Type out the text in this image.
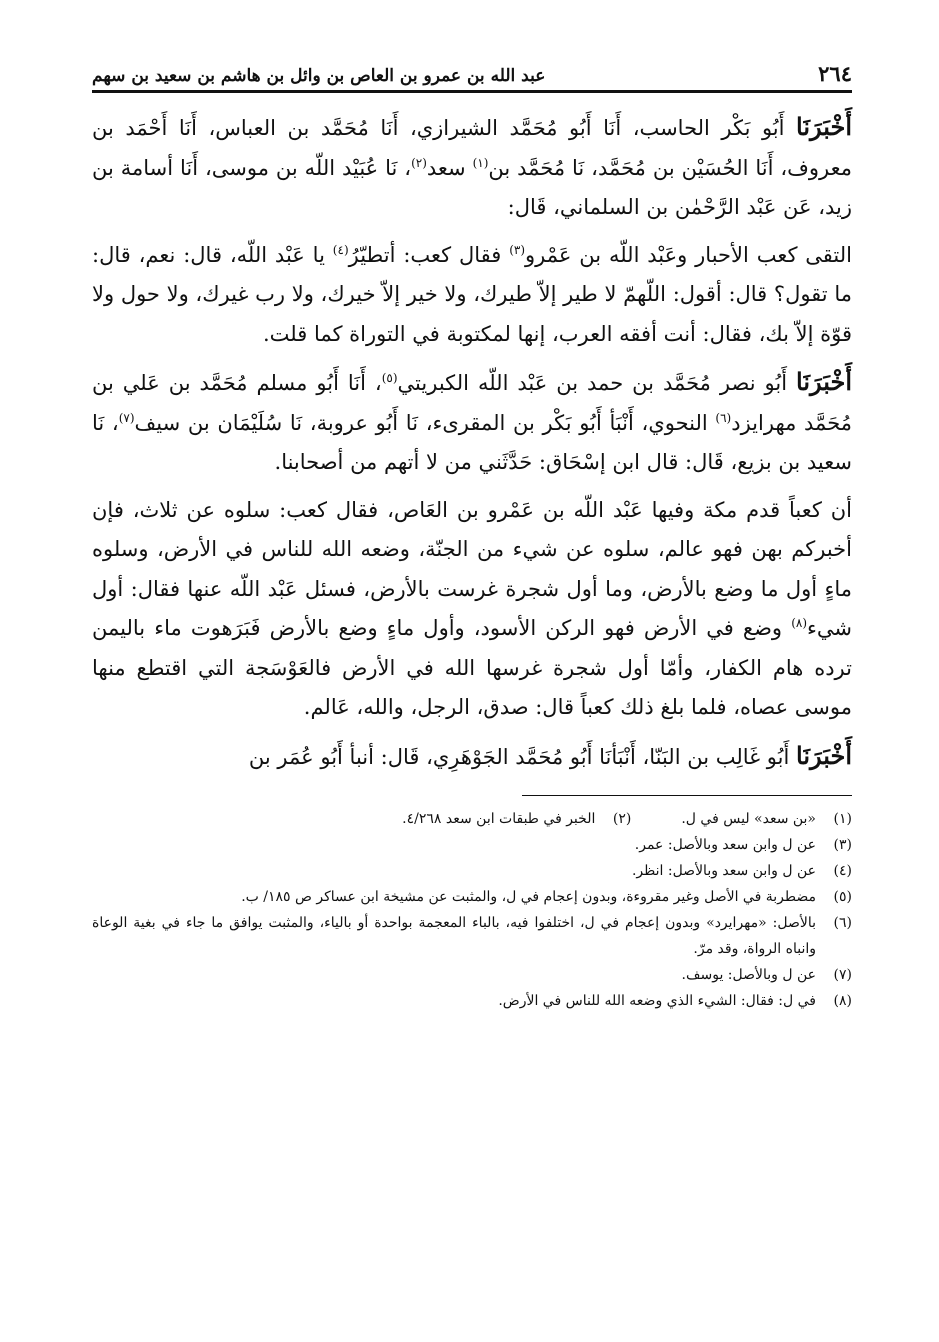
٢٦٤
عبد الله بن عمرو بن العاص بن وائل بن هاشم بن سعيد بن سهم

أَخْبَرَنَا أَبُو بَكْر الحاسب، أَنَا أَبُو مُحَمَّد الشيرازي، أَنَا مُحَمَّد بن العباس، أَنَا أَحْمَد بن معروف، أَنَا الحُسَيْن بن مُحَمَّد، نَا مُحَمَّد بن$^{(١)}$ سعد$^{(٢)}$، نَا عُبَيْد اللّه بن موسى، أَنَا أسامة بن زيد، عَن عَبْد الرَّحْمٰن بن السلماني، قَال:

التقى كعب الأحبار وعَبْد اللّه بن عَمْرو$^{(٣)}$ فقال كعب: أتطيّرُ$^{(٤)}$ يا عَبْد اللّه، قال: نعم، قال: ما تقول؟ قال: أقول: اللّهمّ لا طير إلاّ طيرك، ولا خير إلاّ خيرك، ولا رب غيرك، ولا حول ولا قوّة إلاّ بك، فقال: أنت أفقه العرب، إنها لمكتوبة في التوراة كما قلت.

أَخْبَرَنَا أَبُو نصر مُحَمَّد بن حمد بن عَبْد اللّه الكبريتي$^{(٥)}$، أَنَا أَبُو مسلم مُحَمَّد بن عَلي بن مُحَمَّد مهرايزد$^{(٦)}$ النحوي، أَنْبَأ أَبُو بَكْر بن المقرىء، نَا أَبُو عروبة، نَا سُلَيْمَان بن سيف$^{(٧)}$، نَا سعيد بن بزيع، قَال: قال ابن إسْحَاق: حَدَّثَني من لا أتهم من أصحابنا.

أن كعباً قدم مكة وفيها عَبْد اللّه بن عَمْرو بن العَاص، فقال كعب: سلوه عن ثلاث، فإن أخبركم بهن فهو عالم، سلوه عن شيء من الجنّة، وضعه الله للناس في الأرض، وسلوه ماءٍ أول ما وضع بالأرض، وما أول شجرة غرست بالأرض، فسئل عَبْد اللّه عنها فقال: أول شيء$^{(٨)}$ وضع في الأرض فهو الركن الأسود، وأول ماءٍ وضع بالأرض فَبَرَهوت ماء باليمن ترده هام الكفار، وأمّا أول شجرة غرسها الله في الأرض فالعَوْسَجة التي اقتطع منها موسى عصاه، فلما بلغ ذلك كعباً قال: صدق، الرجل، والله، عَالم.

أَخْبَرَنَا أَبُو غَالِب بن البَنّا، أَنْبَأنَا أَبُو مُحَمَّد الجَوْهَرِي، قَال: أنبأ أَبُو عُمَر بن

(١)
«بن سعد» ليس في ل.
(٢)
الخبر في طبقات ابن سعد ٤/٢٦٨.
(٣)
عن ل وابن سعد وبالأصل: عمر.
(٤)
عن ل وابن سعد وبالأصل: انظر.
(٥)
مضطربة في الأصل وغير مقروءة، وبدون إعجام في ل، والمثبت عن مشيخة ابن عساكر ص ١٨٥/ ب.
(٦)
بالأصل: «مهرايرد» وبدون إعجام في ل، اختلفوا فيه، بالباء المعجمة بواحدة أو بالياء، والمثبت يوافق ما جاء في بغية الوعاة وانباه الرواة، وقد مرّ.
(٧)
عن ل وبالأصل: يوسف.
(٨)
في ل: فقال: الشيء الذي وضعه الله للناس في الأرض.
